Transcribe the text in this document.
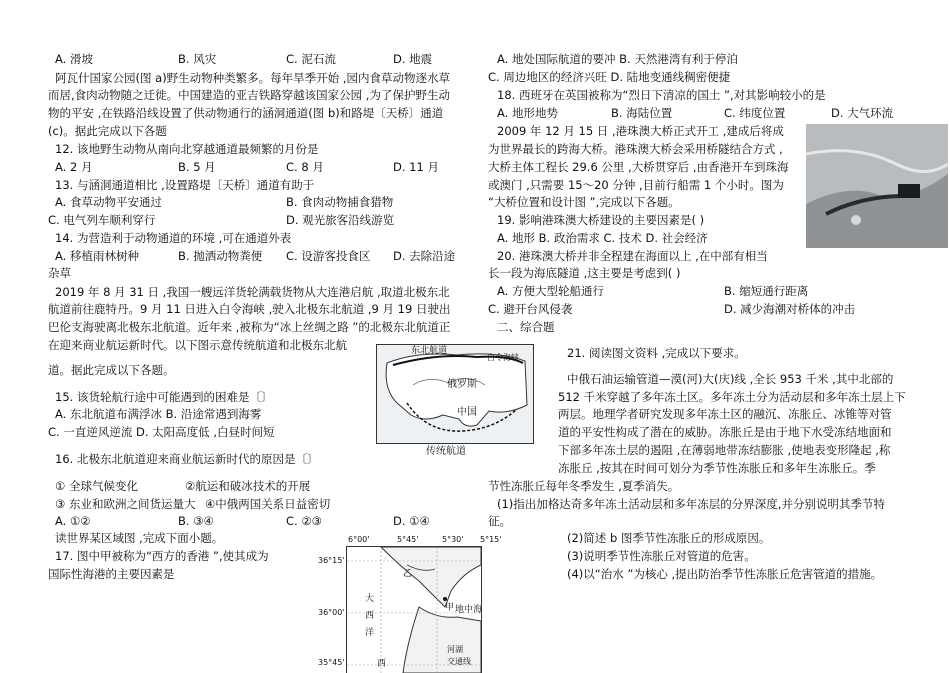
A. 滑坡	B. 风灾	C. 泥石流	D. 地震
阿瓦什国家公园(图 a)野生动物种类繁多。每年旱季开始 ,园内食草动物逐水草
而居,食肉动物随之迁徙。中国建造的亚吉铁路穿越该国家公园 ,为了保护野生动
物的平安 ,在铁路沿线设置了供动物通行的涵洞通道(图 b)和路堤〔天桥〕通道
(c)。据此完成以下各题
12. 该地野生动物从南向北穿越通道最频繁的月份是
A. 2 月	B. 5 月	C. 8 月	D. 11 月
13. 与涵洞通道相比 ,设置路堤〔天桥〕通道有助于
A. 食草动物平安通过	B. 食肉动物捕食猎物
C. 电气列车顺利穿行	D. 观光旅客沿线游览
14. 为营造利于动物通道的环境 ,可在通道外表
A. 移植雨林树种	B. 抛洒动物粪便 C. 设游客投食区 D. 去除沿途
杂草
2019 年 8 月 31 日 ,我国一艘远洋货轮满载货物从大连港启航 ,取道北极东北
航道前往鹿特丹。9 月 11 日进入白令海峡 ,驶入北极东北航道 ,9 月 19 日驶出
巴伦支海驶离北极东北航道。近年来 ,被称为“冰上丝绸之路 ”的北极东北航道正
在迎来商业航运新时代。以下图示意传统航道和北极东北航
道。据此完成以下各题。
15. 该货轮航行途中可能遇到的困难是〔〕
A. 东北航道布满浮冰 B. 沿途常遇到海雾
C. 一直逆风逆流 D. 太阳高度低 ,白昼时间短
16. 北极东北航道迎来商业航运新时代的原因是〔〕
① 全球气候变化	②航运和破冰技术的开展
③ 东业和欧洲之间货运量大 ④中俄两国关系日益密切
A. ①②	B. ③④	C. ②③	D. ①④
读世界某区域图 ,完成下面小题。
17. 图中甲被称为“西方的香港 ”,使其成为
国际性海港的主要因素是
东北航道
白令海峡
俄罗斯
中国
传统航道
乙
甲
大西洋
地中海
西
河湖
交通线
6°00'	5°45'	5°30' 5°15'
36°15'
36°00'
35°45'
A. 地处国际航道的要冲 B. 天然港湾有利于停泊
C. 周边地区的经济兴旺 D. 陆地变通线稠密便捷
18. 西班牙在英国被称为“烈日下清凉的国土 ”,对其影响较小的是
A. 地形地势	B. 海陆位置	C. 纬度位置	D. 大气环流
2009 年 12 月 15 日 ,港珠澳大桥正式开工 ,建成后将成
为世界最长的跨海大桥。港珠澳大桥会采用桥隧结合方式 ,
大桥主体工程长 29.6 公里 ,大桥贯穿后 ,由香港开车到珠海
或澳门 ,只需要 15～20 分钟 ,目前行船需 1 个小时。图为
“大桥位置和设计图 ”,完成以下各题。
19. 影响港珠澳大桥建设的主要因素是( )
A. 地形 B. 政治需求 C. 技术 D. 社会经济
20. 港珠澳大桥并非全程建在海面以上 ,在中部有相当
长一段为海底隧道 ,这主要是考虑到( )
A. 方便大型轮船通行	B. 缩短通行距离
C. 避开台风侵袭	D. 减少海潮对桥体的冲击
二、综合题
21. 阅读图文资料 ,完成以下要求。
中俄石油运输管道—漠(河)大(庆)线 ,全长 953 千米 ,其中北部的
512 千米穿越了多年冻土区。多年冻土分为活动层和多年冻土层上下
两层。地理学者研究发现多年冻土区的融沉、冻胀丘、冰锥等对管
道的平安性构成了潜在的威胁。冻胀丘是由于地下水受冻结地面和
下部多年冻土层的遏阻 ,在薄弱地带冻结膨胀 ,使地表变形隆起 ,称
冻胀丘 ,按其在时间可划分为季节性冻胀丘和多年生冻胀丘。季
节性冻胀丘每年冬季发生 ,夏季消失。
(1)指出加格达奇多年冻土活动层和多年冻层的分界深度,并分别说明其季节特
征。
(2)简述 b 图季节性冻胀丘的形成原因。
(3)说明季节性冻胀丘对管道的危害。
(4)以“治水 ”为核心 ,提出防治季节性冻胀丘危害管道的措施。
